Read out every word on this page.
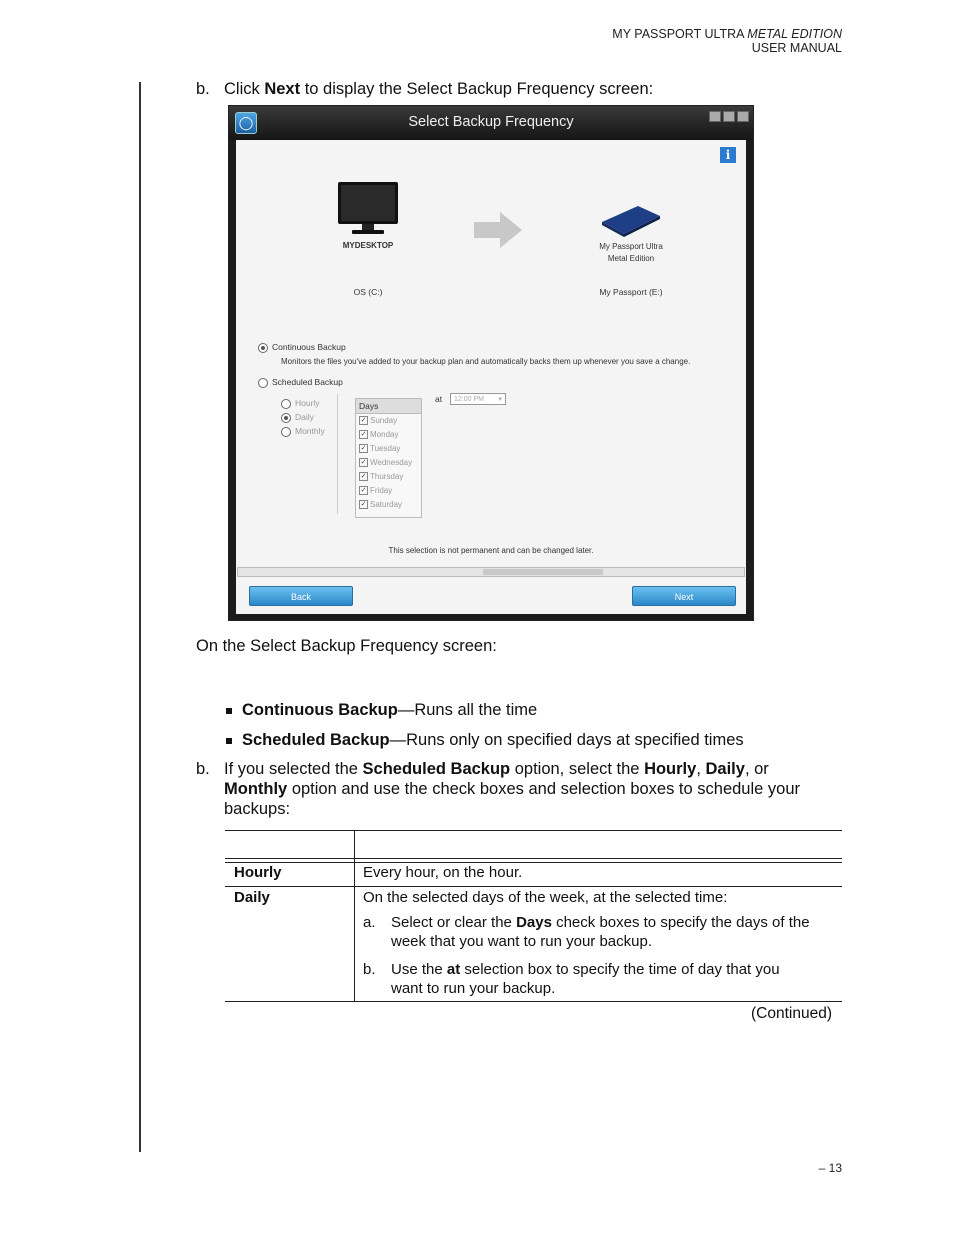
MY PASSPORT ULTRA METAL EDITION
USER MANUAL
b. Click Next to display the Select Backup Frequency screen:
◯	Select Backup Frequency
i
MYDESKTOP
OS (C:)
My Passport Ultra
Metal Edition
My Passport (E:)
Continuous Backup
Monitors the files you've added to your backup plan and automatically backs them up whenever you save a change.
Scheduled Backup
Hourly
Daily
Monthly
Days
✓ Sunday
✓ Monday
✓ Tuesday
✓ Wednesday
✓ Thursday
✓ Friday
✓ Saturday
at	12:00 PM ▾
This selection is not permanent and can be changed later.
Back	Next
On the Select Backup Frequency screen:
Continuous Backup—Runs all the time
Scheduled Backup—Runs only on specified days at specified times
b. If you selected the Scheduled Backup option, select the Hourly, Daily, or
Monthly option and use the check boxes and selection boxes to schedule your
backups:
Hourly	Every hour, on the hour.
Daily	On the selected days of the week, at the selected time:
a. Select or clear the Days check boxes to specify the days of the
week that you want to run your backup.
b. Use the at selection box to specify the time of day that you
want to run your backup.
(Continued)
– 13
